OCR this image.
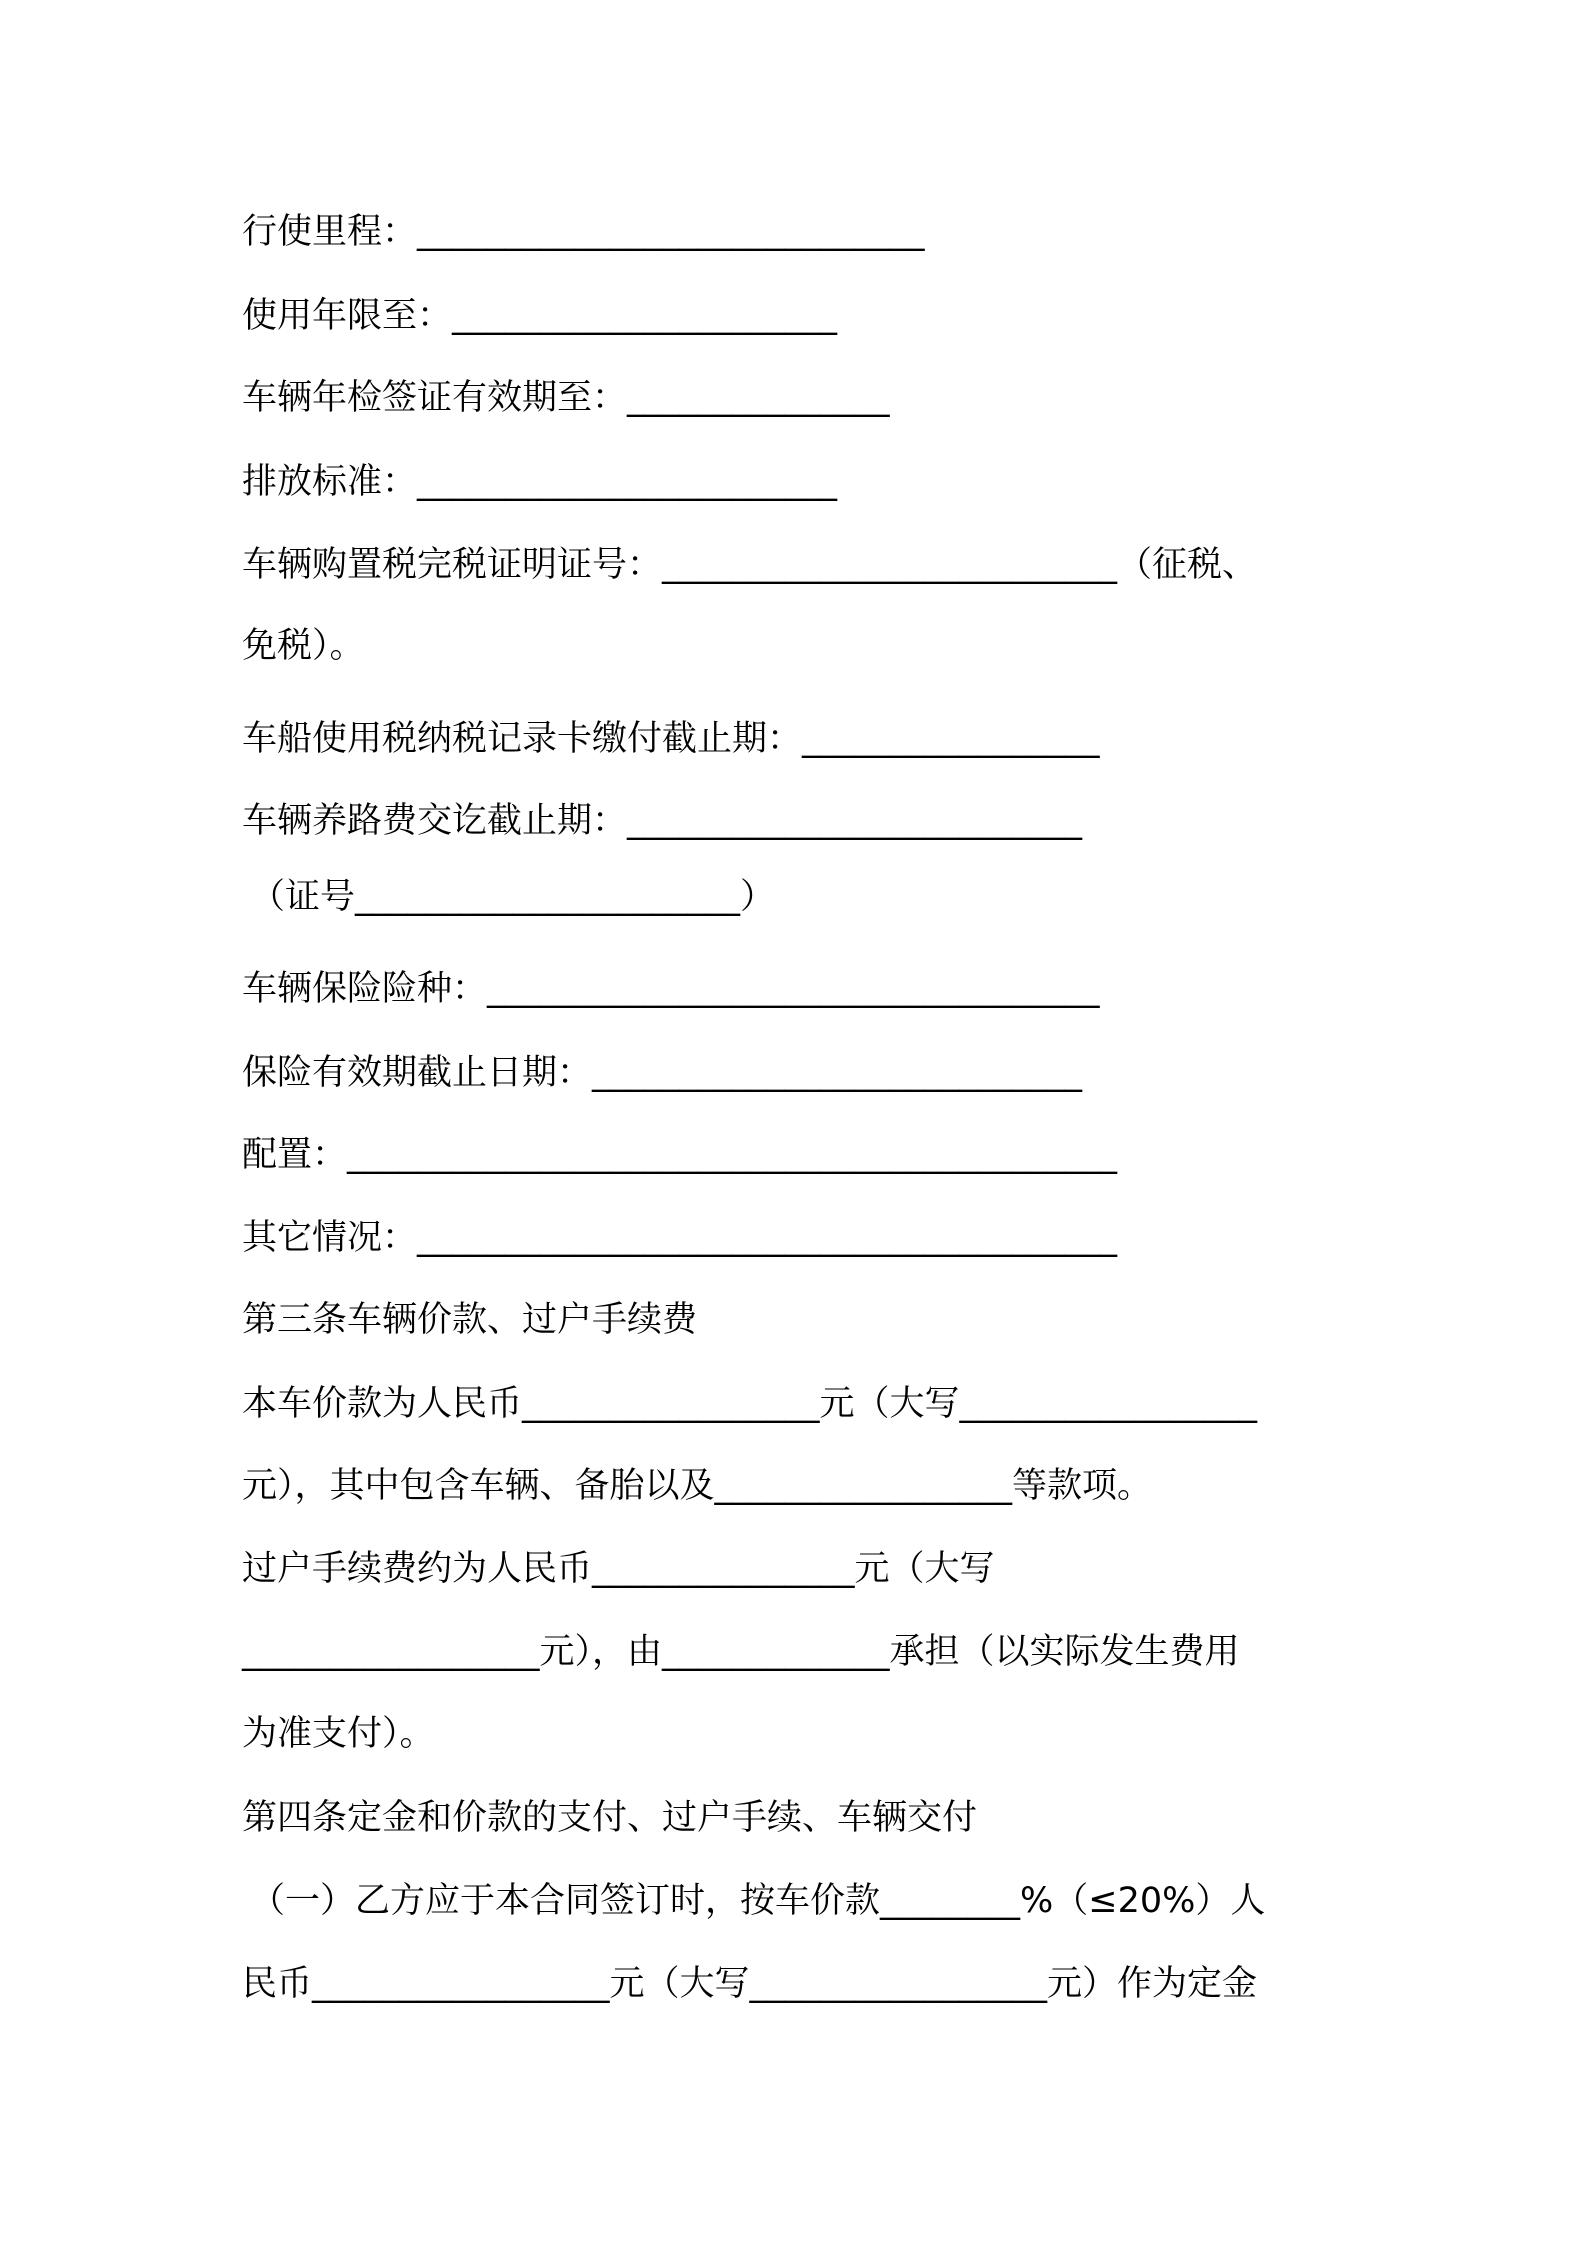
行使里程：_____________________________

使用年限至：______________________

车辆年检签证有效期至：_______________

排放标准：________________________

车辆购置税完税证明证号：__________________________（征税、

免税）。

车船使用税纳税记录卡缴付截止期：_________________

车辆养路费交讫截止期：__________________________

（证号______________________）

车辆保险险种：___________________________________

保险有效期截止日期：____________________________

配置：____________________________________________

其它情况：________________________________________

第三条车辆价款、过户手续费

本车价款为人民币_________________元（大写_________________

元），其中包含车辆、备胎以及_________________等款项。

过户手续费约为人民币_______________元（大写

_________________元），由_____________承担（以实际发生费用

为准支付）。

第四条定金和价款的支付、过户手续、车辆交付

（一）乙方应于本合同签订时，按车价款________%（≤20%）人

民币_________________元（大写_________________元）作为定金
